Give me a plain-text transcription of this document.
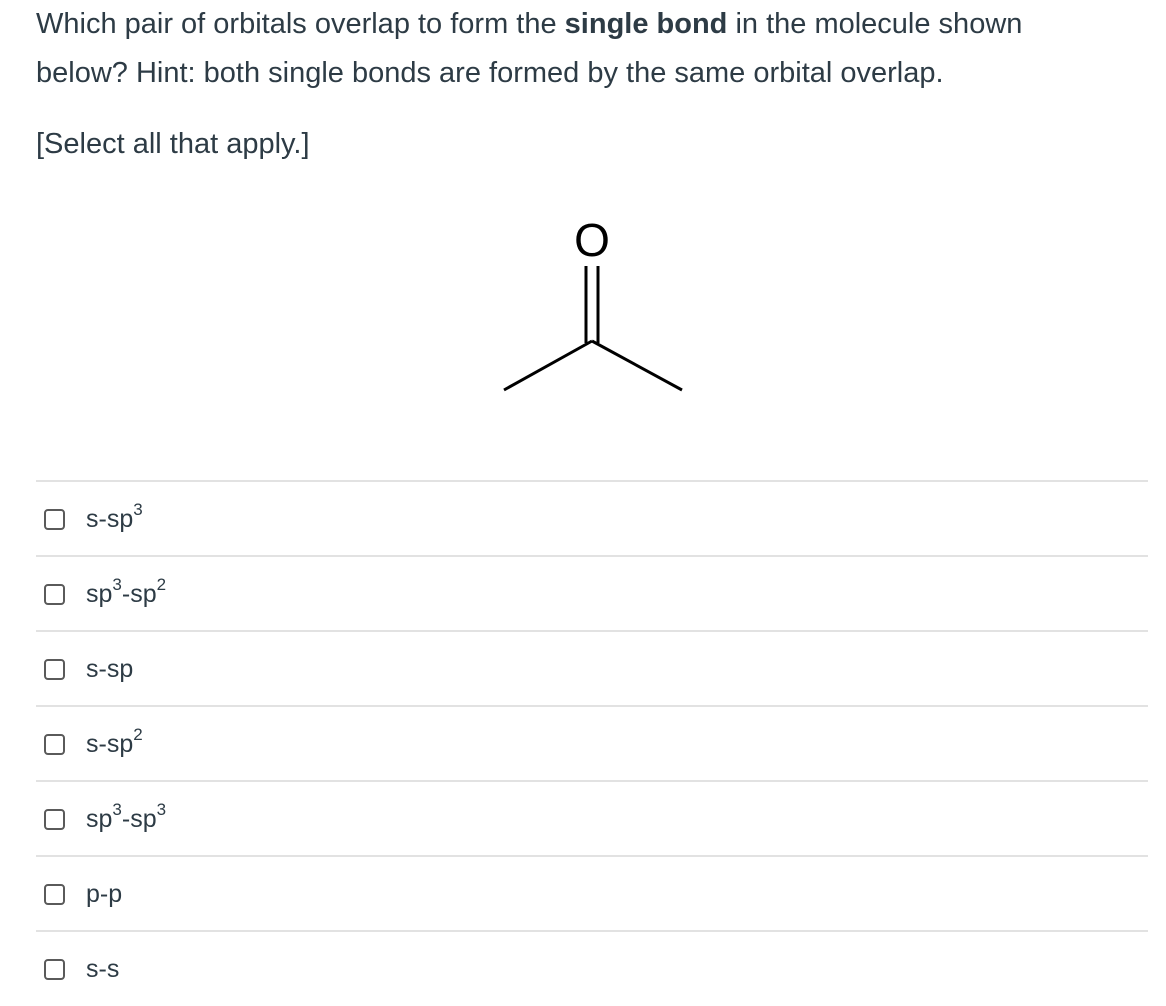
Which pair of orbitals overlap to form the single bond in the molecule shown

below? Hint: both single bonds are formed by the same orbital overlap.

[Select all that apply.]

O
$s-sp^3$
$sp^3-sp^2$
s-sp
$s-sp^2$
$sp^3-sp^3$
p-p
s-s
